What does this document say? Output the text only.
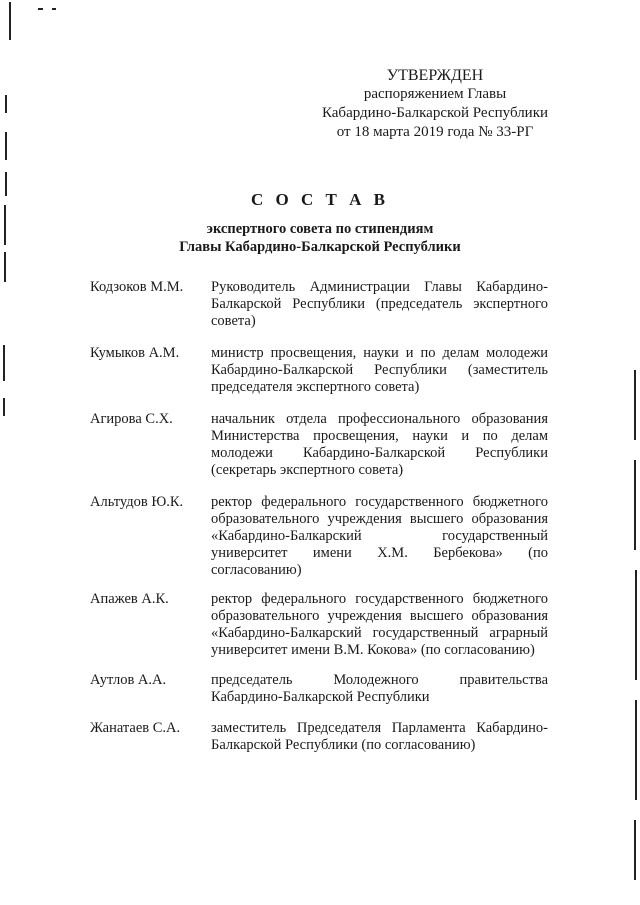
УТВЕРЖДЕН
распоряжением Главы
Кабардино-Балкарской Республики
от 18 марта 2019 года № 33-РГ
С О С Т А В
экспертного совета по стипендиям
Главы Кабардино-Балкарской Республики
Кодзоков М.М.	Руководитель Администрации Главы Кабардино-Балкарской Республики (председатель экспертного совета)
Кумыков А.М.	министр просвещения, науки и по делам молодежи Кабардино-Балкарской Республики (заместитель председателя экспертного совета)
Агирова С.Х.	начальник отдела профессионального образования Министерства просвещения, науки и по делам молодежи Кабардино-Балкарской Республики (секретарь экспертного совета)
Альтудов Ю.К.	ректор федерального государственного бюджетного образовательного учреждения высшего образования «Кабардино-Балкарский государственный университет имени Х.М. Бербекова» (по согласованию)
Апажев А.К.	ректор федерального государственного бюджетного образовательного учреждения высшего образования «Кабардино-Балкарский государственный аграрный университет имени В.М. Кокова» (по согласованию)
Аутлов А.А.	председатель Молодежного правительства Кабардино-Балкарской Республики
Жанатаев С.А.	заместитель Председателя Парламента Кабардино-Балкарской Республики (по согласованию)
